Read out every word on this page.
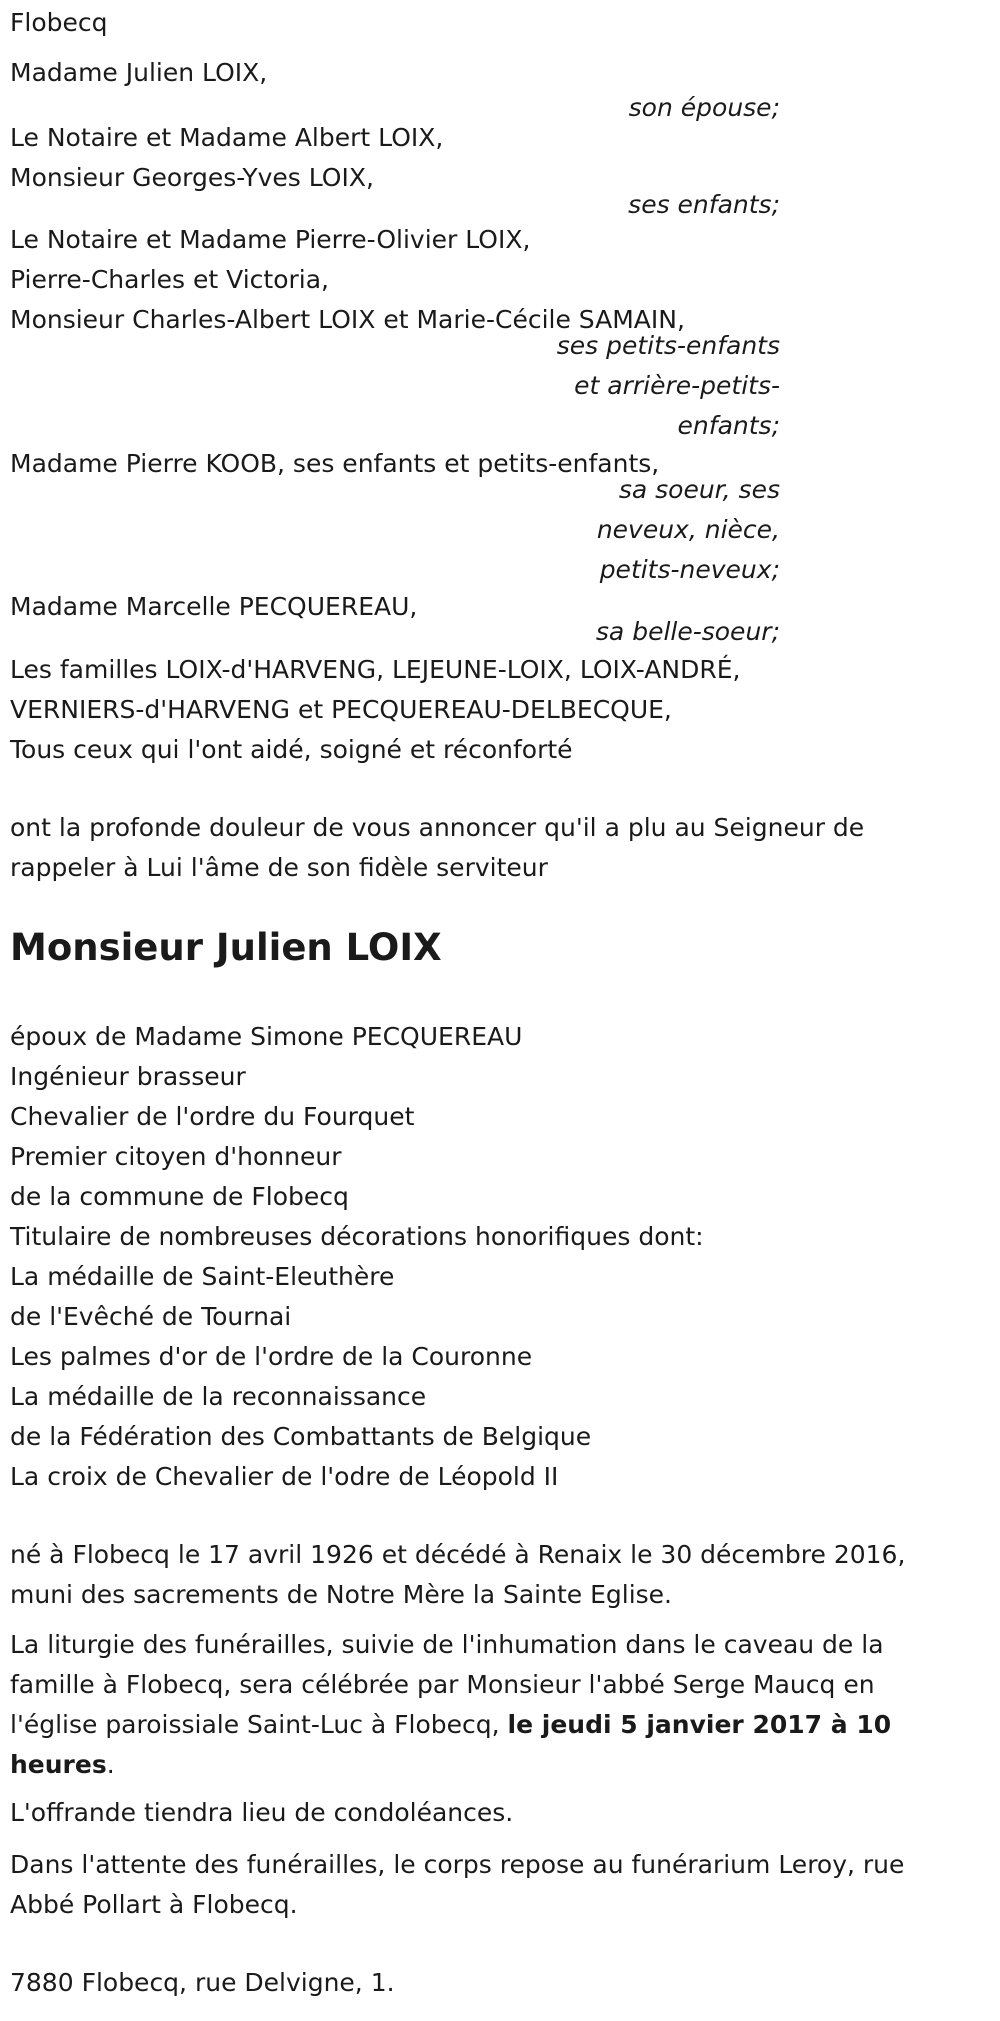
Flobecq
Madame Julien LOIX,
son épouse;
Le Notaire et Madame Albert LOIX,
Monsieur Georges-Yves LOIX,
ses enfants;
Le Notaire et Madame Pierre-Olivier LOIX,
Pierre-Charles et Victoria,
Monsieur Charles-Albert LOIX et Marie-Cécile SAMAIN,
ses petits-enfants
et arrière-petits-
enfants;
Madame Pierre KOOB, ses enfants et petits-enfants,
sa soeur, ses
neveux, nièce,
petits-neveux;
Madame Marcelle PECQUEREAU,
sa belle-soeur;
Les familles LOIX-d'HARVENG, LEJEUNE-LOIX, LOIX-ANDRÉ,
VERNIERS-d'HARVENG et PECQUEREAU-DELBECQUE,
Tous ceux qui l'ont aidé, soigné et réconforté
ont la profonde douleur de vous annoncer qu'il a plu au Seigneur de
rappeler à Lui l'âme de son fidèle serviteur
Monsieur Julien LOIX
époux de Madame Simone PECQUEREAU
Ingénieur brasseur
Chevalier de l'ordre du Fourquet
Premier citoyen d'honneur
de la commune de Flobecq
Titulaire de nombreuses décorations honorifiques dont:
La médaille de Saint-Eleuthère
de l'Evêché de Tournai
Les palmes d'or de l'ordre de la Couronne
La médaille de la reconnaissance
de la Fédération des Combattants de Belgique
La croix de Chevalier de l'odre de Léopold II
né à Flobecq le 17 avril 1926 et décédé à Renaix le 30 décembre 2016,
muni des sacrements de Notre Mère la Sainte Eglise.
La liturgie des funérailles, suivie de l'inhumation dans le caveau de la
famille à Flobecq, sera célébrée par Monsieur l'abbé Serge Maucq en
l'église paroissiale Saint-Luc à Flobecq, le jeudi 5 janvier 2017 à 10
heures.
L'offrande tiendra lieu de condoléances.
Dans l'attente des funérailles, le corps repose au funérarium Leroy, rue
Abbé Pollart à Flobecq.
7880 Flobecq, rue Delvigne, 1.
